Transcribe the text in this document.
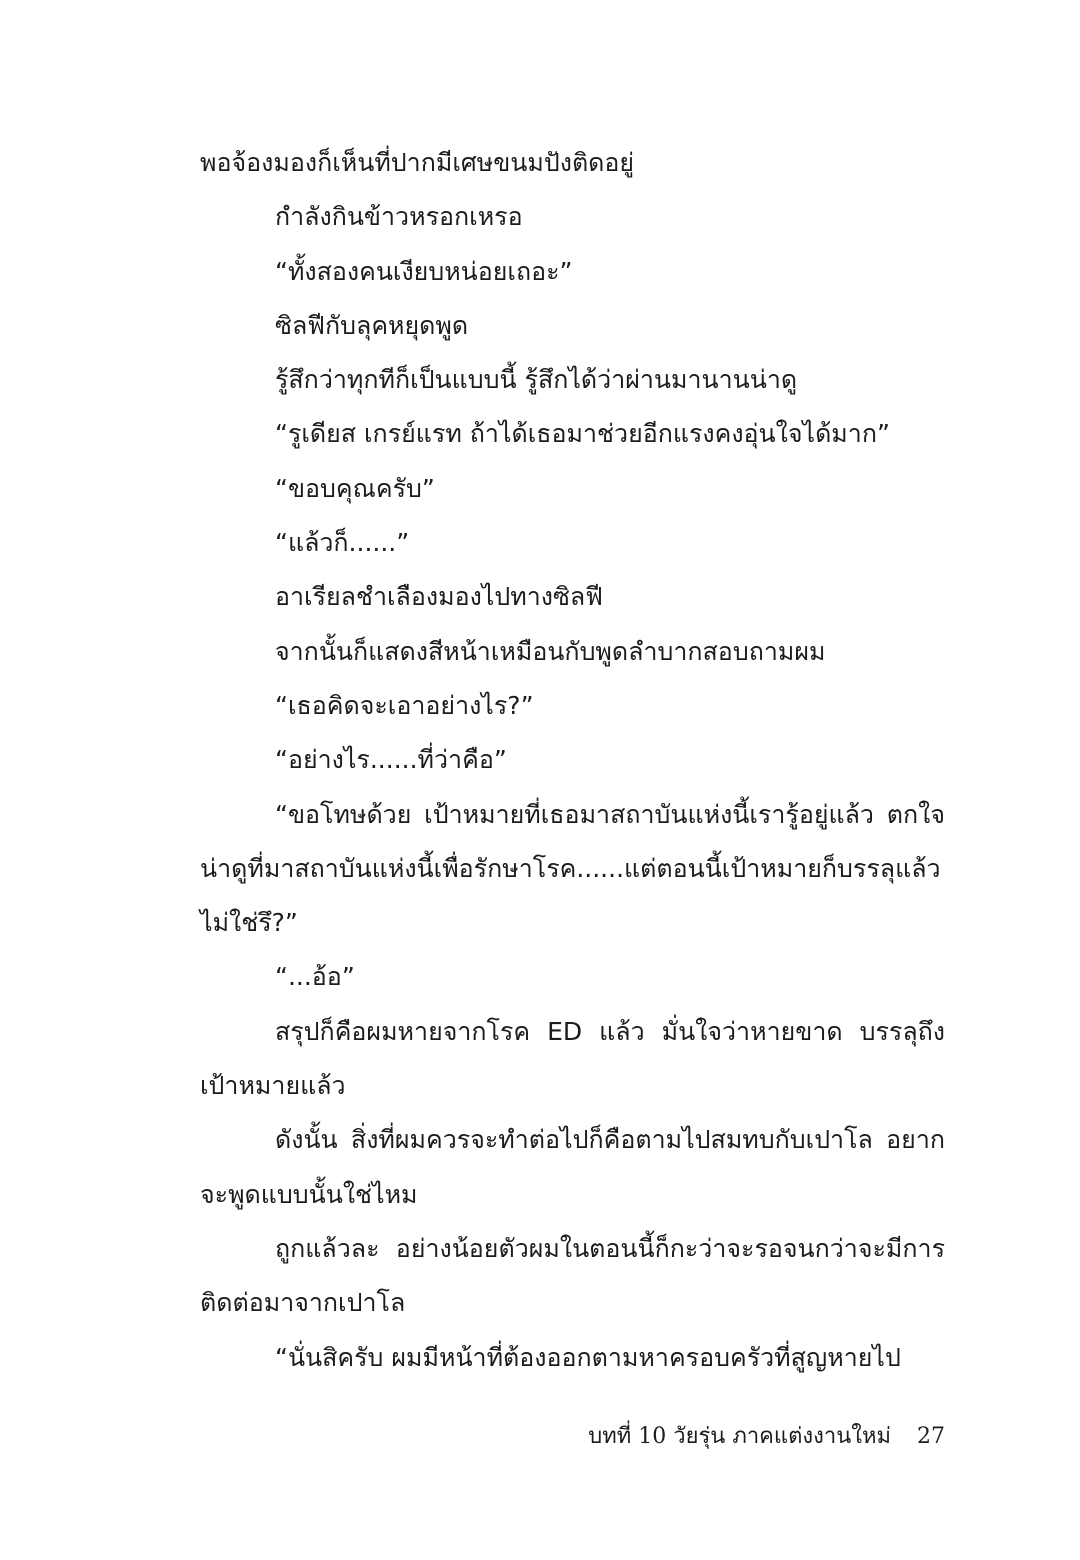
พอจ้องมองก็เห็นที่ปากมีเศษขนมปังติดอยู่

กำลังกินข้าวหรอกเหรอ

“ทั้งสองคนเงียบหน่อยเถอะ”

ซิลฟีกับลุคหยุดพูด

รู้สึกว่าทุกทีก็เป็นแบบนี้ รู้สึกได้ว่าผ่านมานานน่าดู

“รูเดียส เกรย์แรท ถ้าได้เธอมาช่วยอีกแรงคงอุ่นใจได้มาก”

“ขอบคุณครับ”

“แล้วก็......”

อาเรียลชำเลืองมองไปทางซิลฟี

จากนั้นก็แสดงสีหน้าเหมือนกับพูดลำบากสอบถามผม

“เธอคิดจะเอาอย่างไร?”

“อย่างไร......ที่ว่าคือ”

“ขอโทษด้วย เป้าหมายที่เธอมาสถาบันแห่งนี้เรารู้อยู่แล้ว ตกใจน่าดูที่มาสถาบันแห่งนี้เพื่อรักษาโรค......แต่ตอนนี้เป้าหมายก็บรรลุแล้วไม่ใช่รึ?”

“...อ้อ”

สรุปก็คือผมหายจากโรค ED แล้ว มั่นใจว่าหายขาด บรรลุถึงเป้าหมายแล้ว

ดังนั้น สิ่งที่ผมควรจะทำต่อไปก็คือตามไปสมทบกับเปาโล อยากจะพูดแบบนั้นใช่ไหม

ถูกแล้วละ อย่างน้อยตัวผมในตอนนี้ก็กะว่าจะรอจนกว่าจะมีการติดต่อมาจากเปาโล

“นั่นสิครับ ผมมีหน้าที่ต้องออกตามหาครอบครัวที่สูญหายไป

บทที่ 10 วัยรุ่น ภาคแต่งงานใหม่ 27
